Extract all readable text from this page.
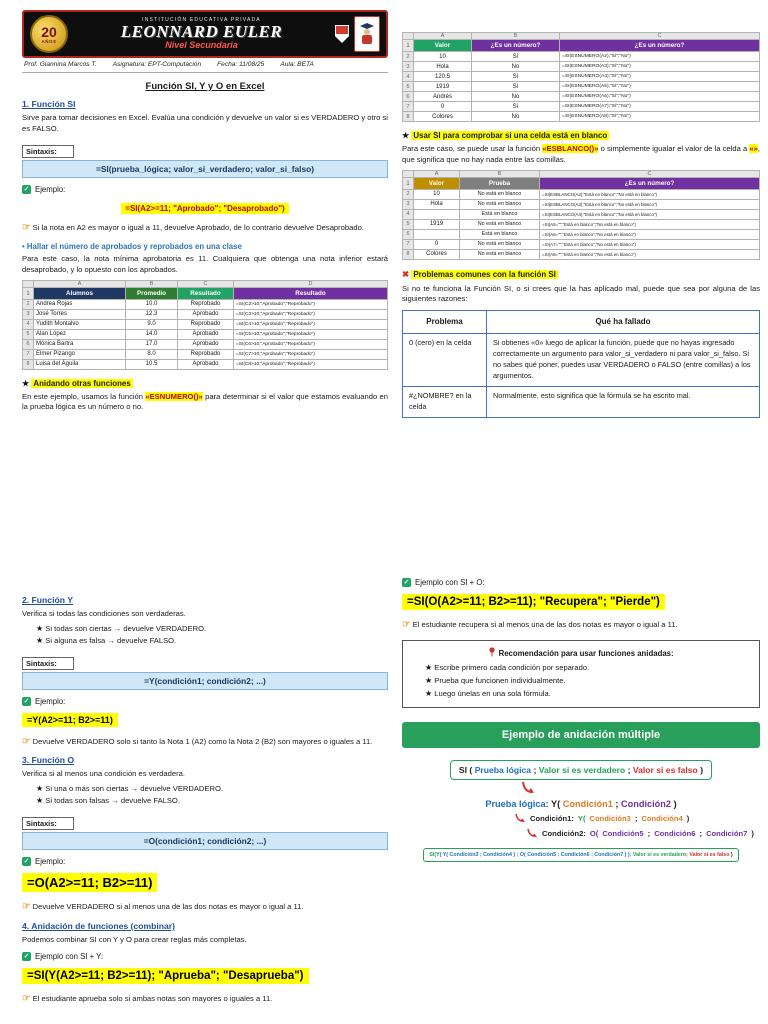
20
AÑOS
INSTITUCIÓN EDUCATIVA PRIVADA
LEONNARD EULER
Nivel Secundaria
Prof. Giannina Marcos T. Asignatura: EPT-Computación Fecha: 11/08/25 Aula: BETA
Función SI, Y y O en Excel
1. Función SI
Sirve para tomar decisiones en Excel. Evalúa una condición y devuelve un valor si es VERDADERO y otro si es FALSO.
Sintaxis:
=SI(prueba_lógica; valor_si_verdadero; valor_si_falso)
✓ Ejemplo:
=SI(A2>=11; "Aprobado"; "Desaprobado")
☞ Si la nota en A2 es mayor o igual a 11, devuelve Aprobado, de lo contrario devuelve Desaprobado.
• Hallar el número de aprobados y reprobados en una clase
Para este caso, la nota mínima aprobatoria es 11. Cualquiera que obtenga una nota inferior estará desaprobado, y lo opuesto con los aprobados.
	A	B	C	D
1	Alumnos	Promedio	Resultado	Resultado
2	Andrea Rojas	10.0	Reprobado	=SI(C2>10;"Aprobado";"Reprobado")
3	José Torres	12.3	Aprobado	=SI(C3>10;"Aprobado";"Reprobado")
4	Yudith Montalvo	9.0	Reprobado	=SI(C4>10;"Aprobado";"Reprobado")
5	Alan López	14.0	Aprobado	=SI(C5>10;"Aprobado";"Reprobado")
6	Mónica Bartra	17.0	Aprobado	=SI(C6>10;"Aprobado";"Reprobado")
7	Elmer Pizango	8.0	Reprobado	=SI(C7>10;"Aprobado";"Reprobado")
8	Luisa del Águila	10.5	Aprobado	=SI(C8>10;"Aprobado";"Reprobado")
★ Anidando otras funciones
En este ejemplo, usamos la función «ESNUMERO()» para determinar si el valor que estamos evaluando en la prueba lógica es un número o no.
2. Función Y
Verifica si todas las condiciones son verdaderas.
★ Si todas son ciertas → devuelve VERDADERO.
★ Si alguna es falsa → devuelve FALSO.
Sintaxis:
=Y(condición1; condición2; ...)
✓ Ejemplo:
=Y(A2>=11; B2>=11)
☞ Devuelve VERDADERO solo si tanto la Nota 1 (A2) como la Nota 2 (B2) son mayores o iguales a 11.
3. Función O
Verifica si al menos una condición es verdadera.
★ Si una o más son ciertas → devuelve VERDADERO.
★ Si todas son falsas → devuelve FALSO.
Sintaxis:
=O(condición1; condición2; ...)
✓ Ejemplo:
=O(A2>=11; B2>=11)
☞ Devuelve VERDADERO si al menos una de las dos notas es mayor o igual a 11.
4. Anidación de funciones (combinar)
Podemos combinar SI con Y y O para crear reglas más completas.
✓ Ejemplo con SI + Y:
=SI(Y(A2>=11; B2>=11); "Aprueba"; "Desaprueba")
☞ El estudiante aprueba solo si ambas notas son mayores o iguales a 11.
	A	B	C
1	Valor	¿Es un número?	¿Es un número?
2	10	Sí	=SI(ESNUMERO(A2);"Sí";"No")
3	Hola	No	=SI(ESNUMERO(A3);"Sí";"No")
4	120.5	Sí	=SI(ESNUMERO(A4);"Sí";"No")
5	1919	Sí	=SI(ESNUMERO(A5);"Sí";"No")
6	Andrés	No	=SI(ESNUMERO(A6);"Sí";"No")
7	0	Sí	=SI(ESNUMERO(A7);"Sí";"No")
8	Colores	No	=SI(ESNUMERO(A8);"Sí";"No")
★ Usar SI para comprobar si una celda está en blanco
Para este caso, se puede usar la función «ESBLANCO()» o simplemente igualar el valor de la celda a «», que significa que no hay nada entre las comillas.
	A	B	C
1	Valor	Prueba	¿Es un número?
2	10	No está en blanco	=SI(ESBLANCO(A2);"Está en blanco";"No está en blanco")
3	Hola	No está en blanco	=SI(ESBLANCO(A3);"Está en blanco";"No está en blanco")
4		Está en blanco	=SI(ESBLANCO(A4);"Está en blanco";"No está en blanco")
5	1919	No está en blanco	=SI(A5="";"Está en blanco";"No está en blanco")
6		Está en blanco	=SI(A6="";"Está en blanco";"No está en blanco")
7	0	No está en blanco	=SI(A7="";"Está en blanco";"No está en blanco")
8	Colores	No está en blanco	=SI(A8="";"Está en blanco";"No está en blanco")
✖ Problemas comunes con la función SI
Si no te funciona la Función SI, o si crees que la has aplicado mal, puede que sea por alguna de las siguientes razones:
Problema	Qué ha fallado
0 (cero) en la celda	Si obtienes «0» luego de aplicar la función, puede que no hayas ingresado correctamente un argumento para valor_si_verdadero ni para valor_si_falso. Si no sabes qué poner, puedes usar VERDADERO o FALSO (entre comillas) a los argumentos.
#¿NOMBRE? en la celda	Normalmente, esto significa que la fórmula se ha escrito mal.
✓ Ejemplo con SI + O:
=SI(O(A2>=11; B2>=11); "Recupera"; "Pierde")
☞ El estudiante recupera si al menos una de las dos notas es mayor o igual a 11.
Recomendación para usar funciones anidadas:
★ Escribe primero cada condición por separado.
★ Prueba que funcionen individualmente.
★ Luego únelas en una sola fórmula.
Ejemplo de anidación múltiple
SI ( Prueba lógica ; Valor si es verdadero ; Valor si es falso )
Prueba lógica: Y( Condición1 ; Condición2 )
Condición1: Y( Condición3 ; Condición4 )
Condición2: O( Condición5 ; Condición6 ; Condición7 )
SI(Y( Y( Condición3 ; Condición4 ) ; O( Condición5 ; Condición6 ; Condición7 ) ); Valor si es verdadero; Valor si es falso )
